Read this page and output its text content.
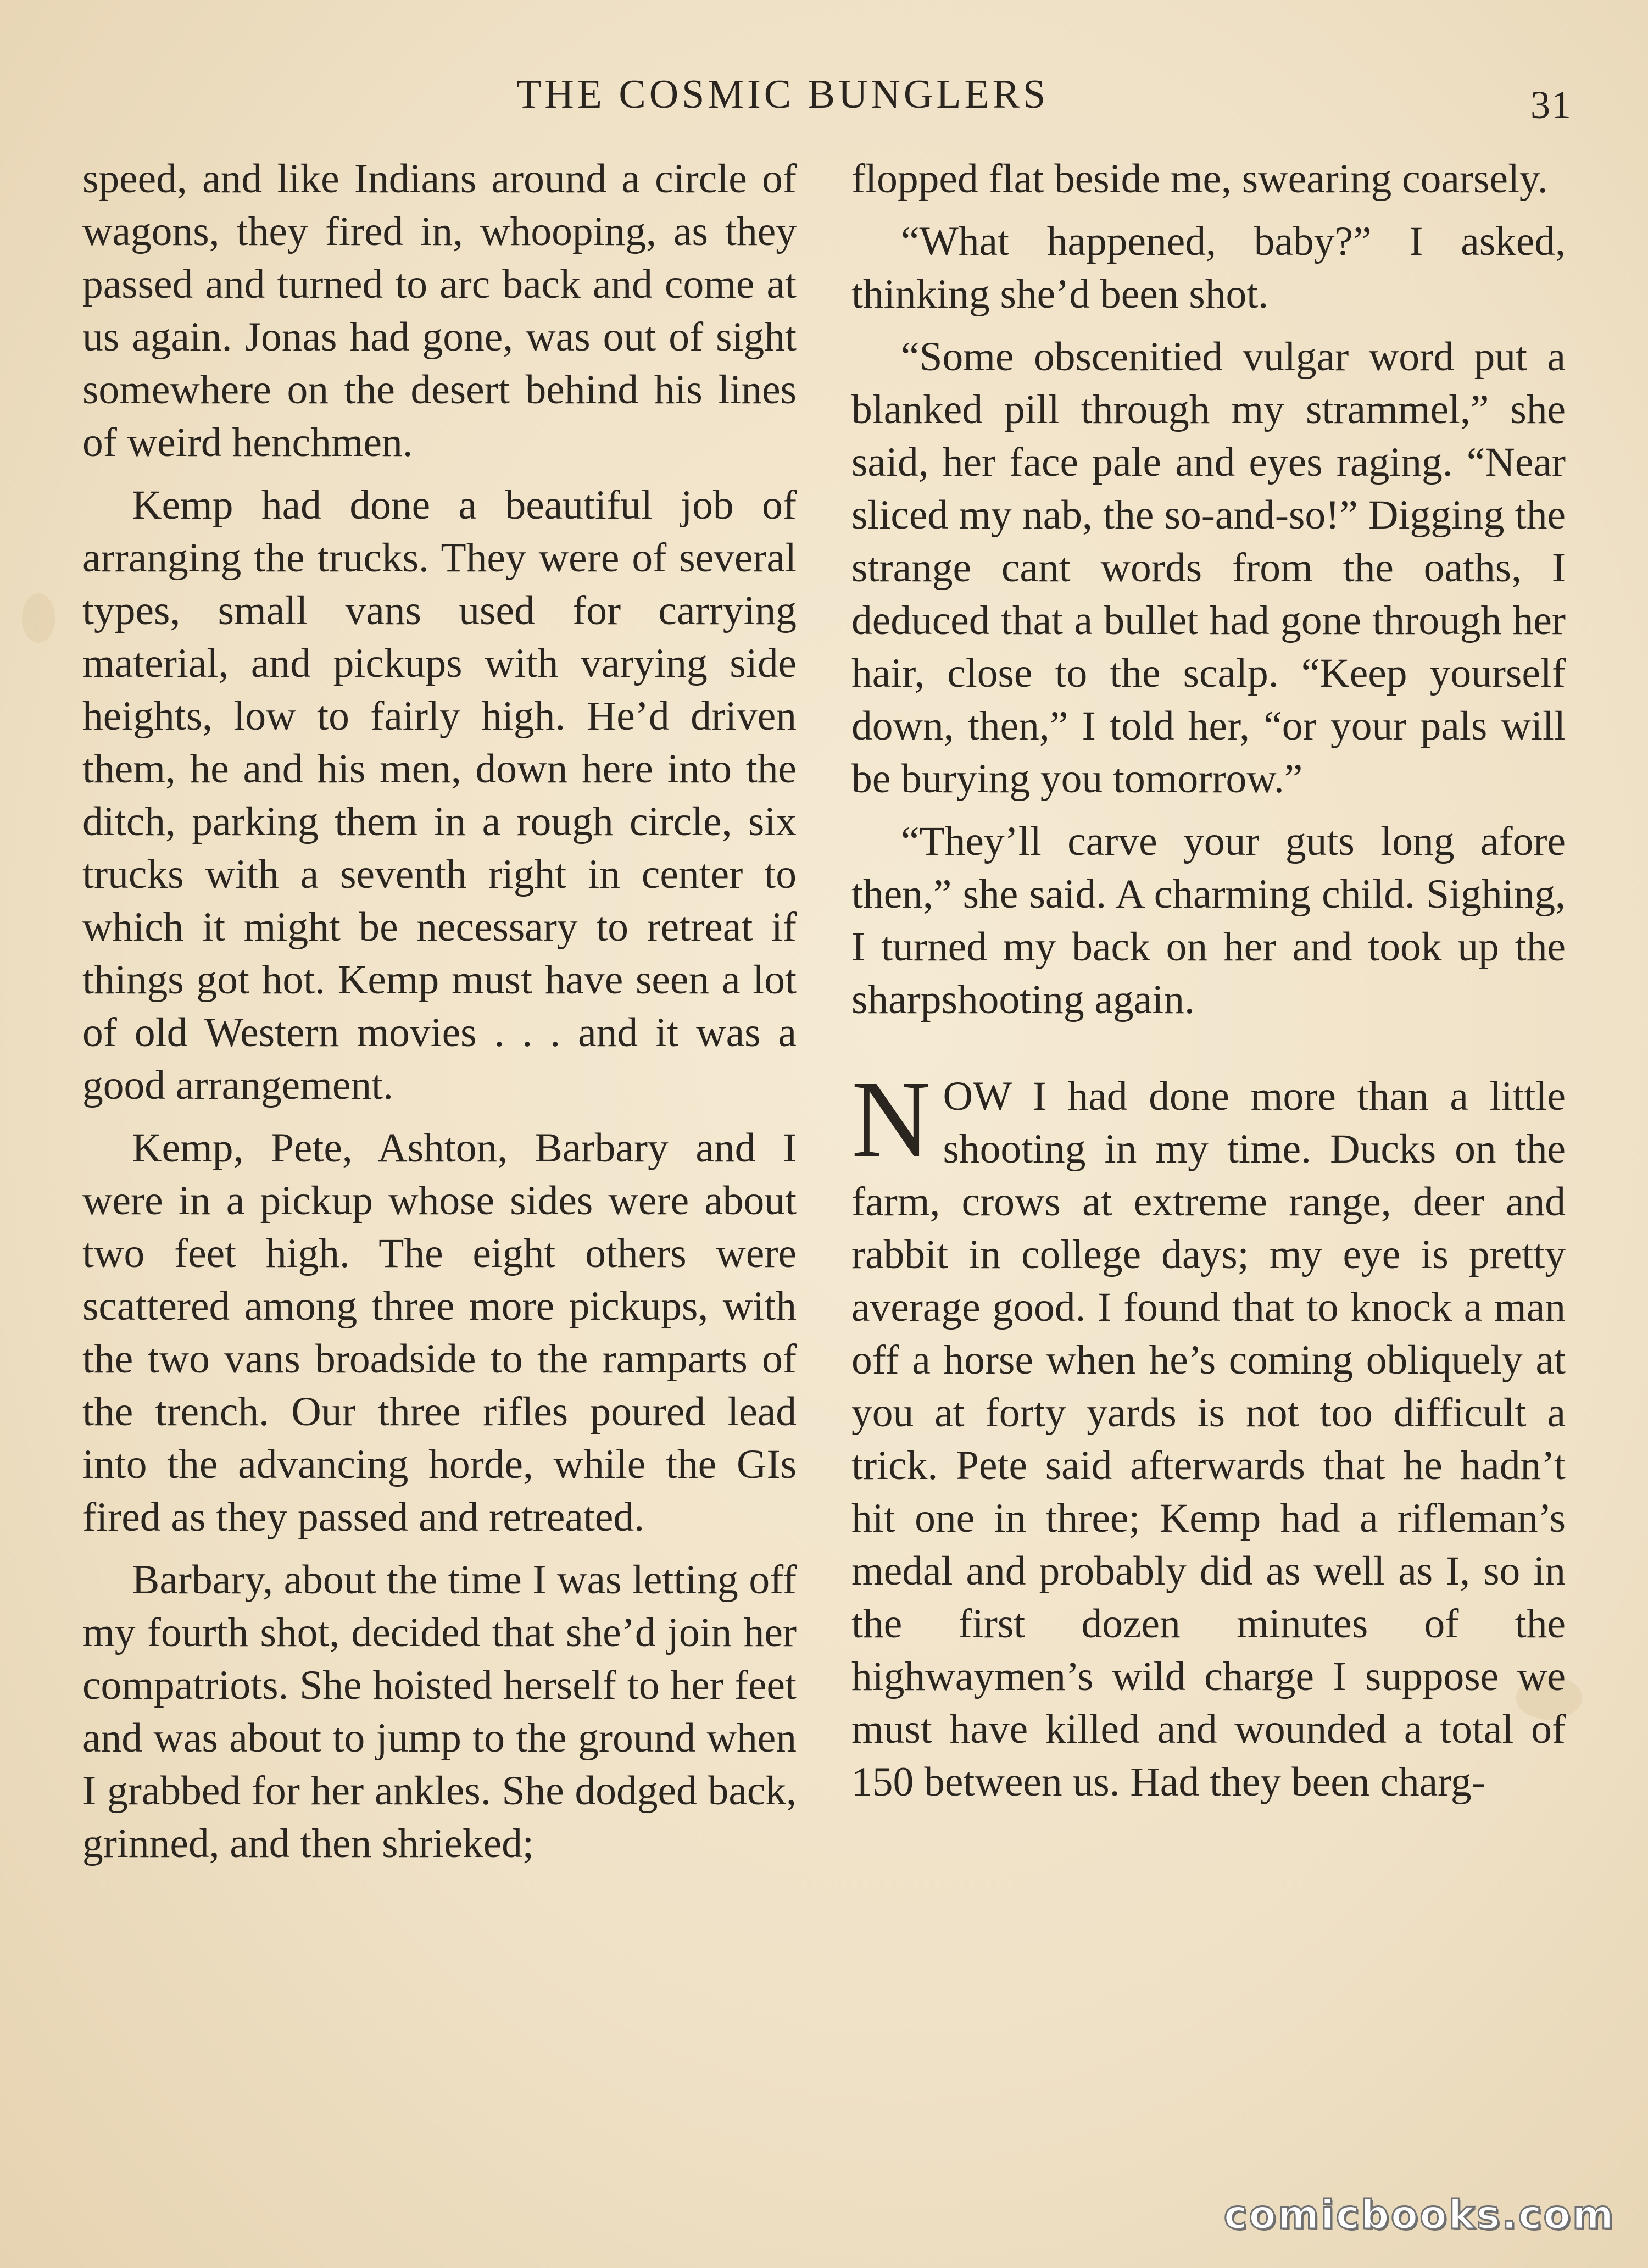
THE COSMIC BUNGLERS	31

speed, and like Indians around a circle of wagons, they fired in, whooping, as they passed and turned to arc back and come at us again. Jonas had gone, was out of sight somewhere on the desert behind his lines of weird henchmen.

Kemp had done a beautiful job of arranging the trucks. They were of several types, small vans used for carrying material, and pickups with varying side heights, low to fairly high. He’d driven them, he and his men, down here into the ditch, parking them in a rough circle, six trucks with a seventh right in center to which it might be necessary to retreat if things got hot. Kemp must have seen a lot of old Western movies . . . and it was a good arrangement.

Kemp, Pete, Ashton, Barbary and I were in a pickup whose sides were about two feet high. The eight others were scattered among three more pickups, with the two vans broadside to the ramparts of the trench. Our three rifles poured lead into the advancing horde, while the GIs fired as they passed and retreated.

Barbary, about the time I was letting off my fourth shot, decided that she’d join her compatriots. She hoisted herself to her feet and was about to jump to the ground when I grabbed for her ankles. She dodged back, grinned, and then shrieked;

flopped flat beside me, swearing coarsely.

“What happened, baby?” I asked, thinking she’d been shot.

“Some obscenitied vulgar word put a blanked pill through my strammel,” she said, her face pale and eyes raging. “Near sliced my nab, the so-and-so!” Digging the strange cant words from the oaths, I deduced that a bullet had gone through her hair, close to the scalp. “Keep yourself down, then,” I told her, “or your pals will be burying you tomorrow.”

“They’ll carve your guts long afore then,” she said. A charming child. Sighing, I turned my back on her and took up the sharpshooting again.

NOW I had done more than a little shooting in my time. Ducks on the farm, crows at extreme range, deer and rabbit in college days; my eye is pretty average good. I found that to knock a man off a horse when he’s coming obliquely at you at forty yards is not too difficult a trick. Pete said afterwards that he hadn’t hit one in three; Kemp had a rifleman’s medal and probably did as well as I, so in the first dozen minutes of the highwaymen’s wild charge I suppose we must have killed and wounded a total of 150 between us. Had they been charg-

comicbooks.com
